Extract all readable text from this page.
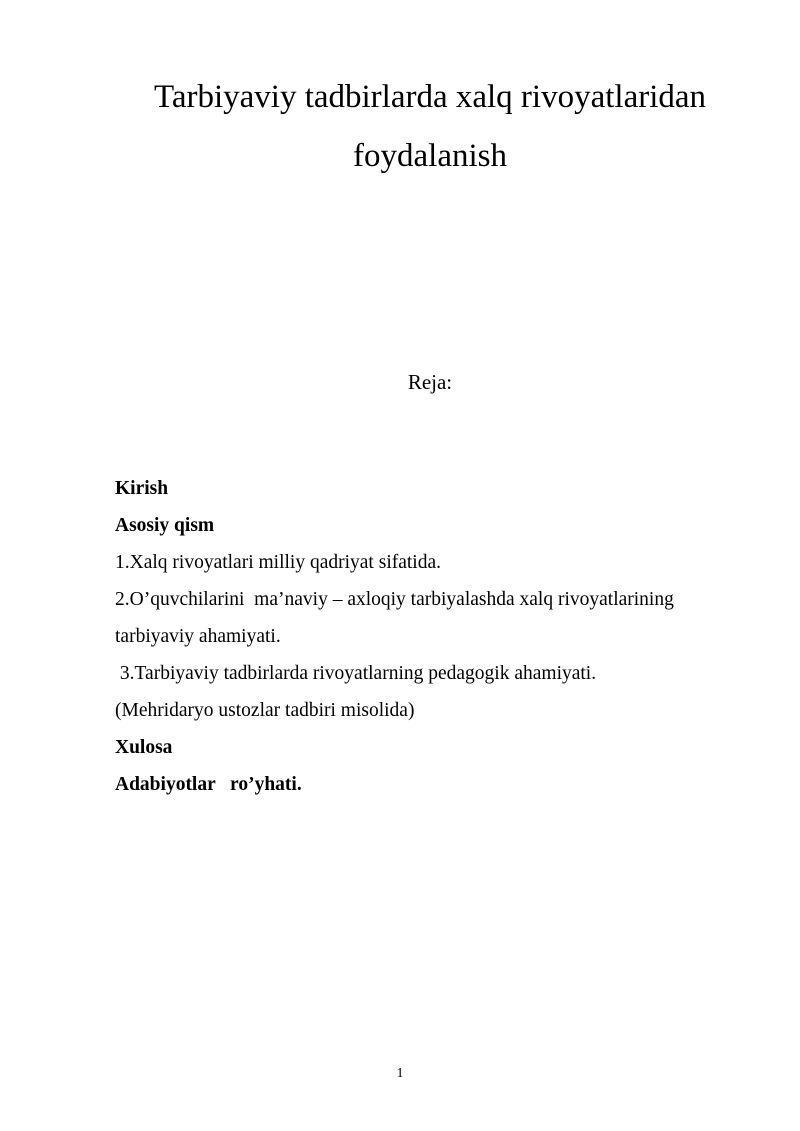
Tarbiyaviy tadbirlarda xalq rivoyatlaridan
foydalanish
Reja:
Kirish
Asosiy qism
1.Xalq rivoyatlari milliy qadriyat sifatida.
2.O’quvchilarini  ma’naviy – axloqiy tarbiyalashda xalq rivoyatlarining
tarbiyaviy ahamiyati.
3.Tarbiyaviy tadbirlarda rivoyatlarning pedagogik ahamiyati.
(Mehridaryo ustozlar tadbiri misolida)
Xulosa
Adabiyotlar   ro’yhati.
1
